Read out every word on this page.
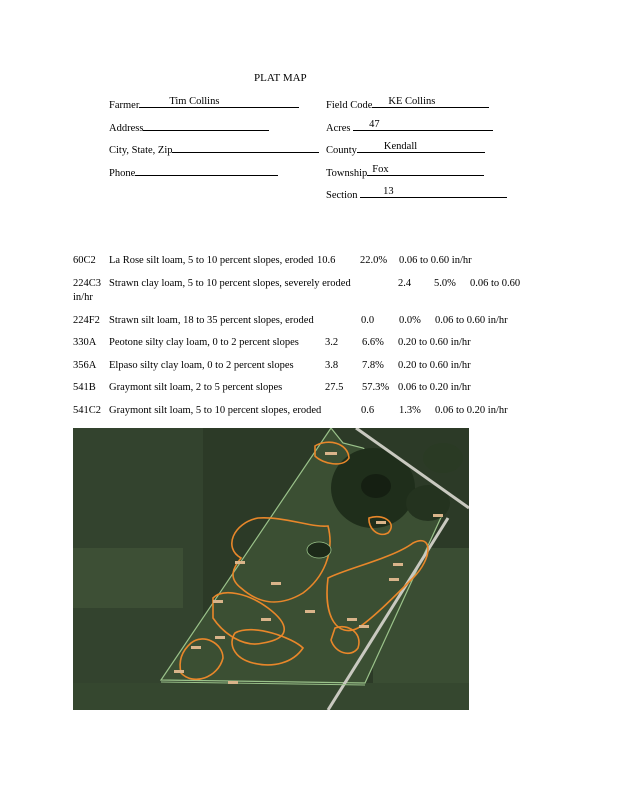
PLAT MAP
Farmer	Tim Collins
Address
City, State, Zip
Phone
Field Code KE Collins
Acres 47
County	Kendall
Township Fox
Section 13
60C2 La Rose silt loam, 5 to 10 percent slopes, eroded 10.6 22.0% 0.06 to 0.60 in/hr
224C3 Strawn clay loam, 5 to 10 percent slopes, severely eroded	2.4 5.0% 0.06 to 0.60
in/hr
224F2 Strawn silt loam, 18 to 35 percent slopes, eroded	0.0 0.0% 0.06 to 0.60 in/hr
330A Peotone silty clay loam, 0 to 2 percent slopes 3.2 6.6% 0.20 to 0.60 in/hr
356A Elpaso silty clay loam, 0 to 2 percent slopes	3.8 7.8% 0.20 to 0.60 in/hr
541B Graymont silt loam, 2 to 5 percent slopes	27.5 57.3% 0.06 to 0.20 in/hr
541C2 Graymont silt loam, 5 to 10 percent slopes, eroded	0.6 1.3% 0.06 to 0.20 in/hr
